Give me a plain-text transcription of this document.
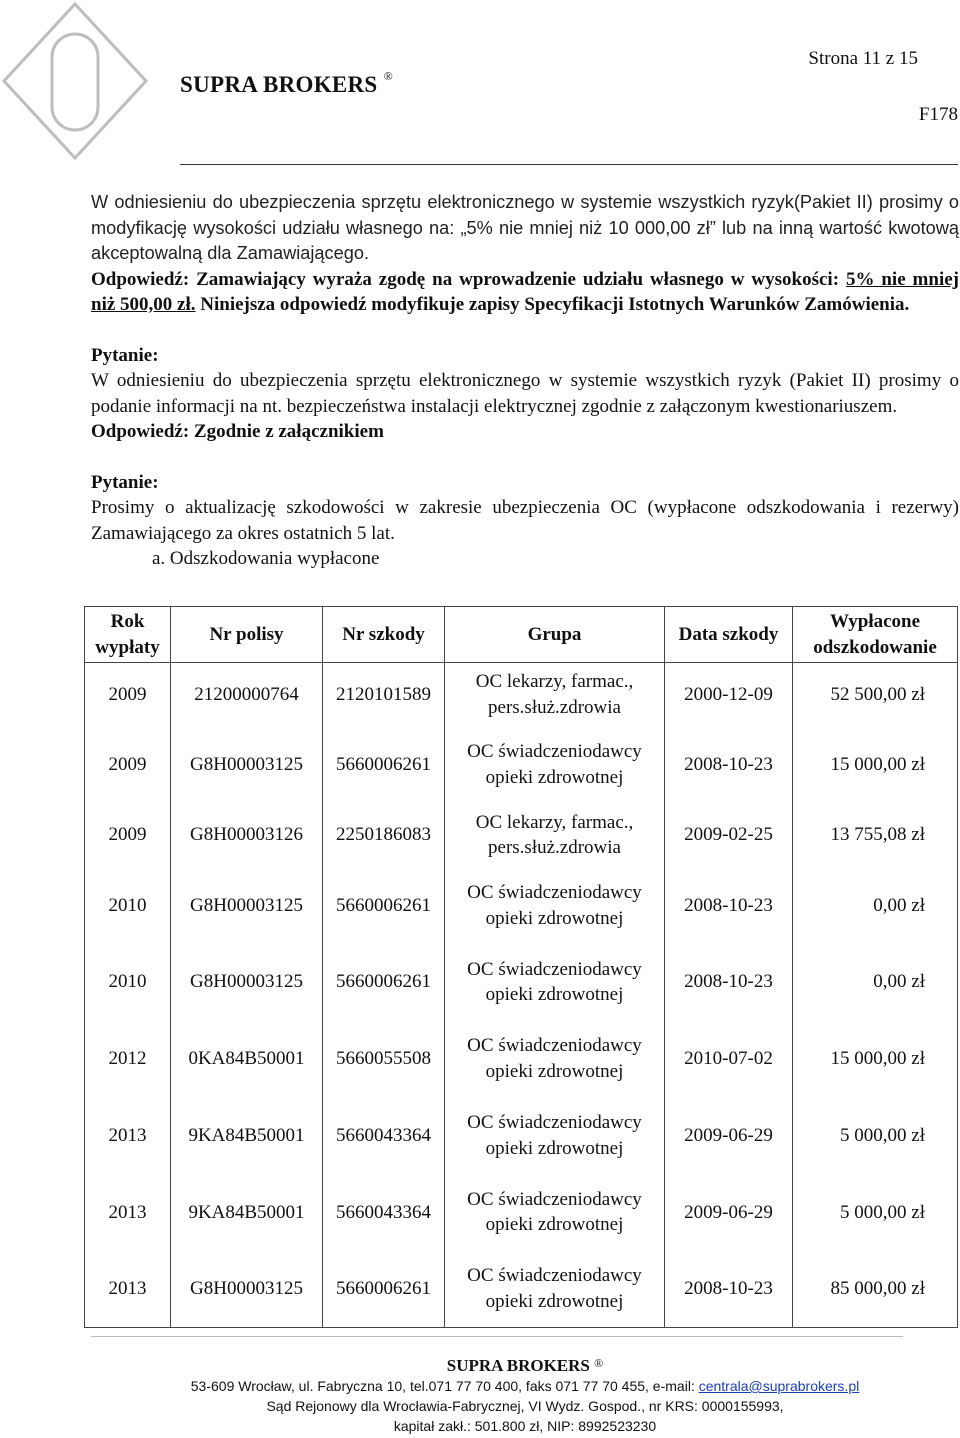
Strona 11 z 15
SUPRA BROKERS ®
F178

W odniesieniu do ubezpieczenia sprzętu elektronicznego w systemie wszystkich ryzyk(Pakiet II) prosimy o modyfikację wysokości udziału własnego na: „5% nie mniej niż 10 000,00 zł” lub na inną wartość kwotową akceptowalną dla Zamawiającego.

Odpowiedź: Zamawiający wyraża zgodę na wprowadzenie udziału własnego w wysokości: 5% nie mniej niż 500,00 zł. Niniejsza odpowiedź modyfikuje zapisy Specyfikacji Istotnych Warunków Zamówienia.

Pytanie:

W odniesieniu do ubezpieczenia sprzętu elektronicznego w systemie wszystkich ryzyk (Pakiet II) prosimy o podanie informacji na nt. bezpieczeństwa instalacji elektrycznej zgodnie z załączonym kwestionariuszem.

Odpowiedź: Zgodnie z załącznikiem

Pytanie:

Prosimy o aktualizację szkodowości w zakresie ubezpieczenia OC (wypłacone odszkodowania i rezerwy) Zamawiającego za okres ostatnich 5 lat.

a. Odszkodowania wypłacone

Rok wypłaty	Nr polisy	Nr szkody	Grupa	Data szkody	Wypłacone odszkodowanie
2009	21200000764	2120101589	OC lekarzy, farmac., pers.służ.zdrowia	2000-12-09	52 500,00 zł
2009	G8H00003125	5660006261	OC świadczeniodawcy opieki zdrowotnej	2008-10-23	15 000,00 zł
2009	G8H00003126	2250186083	OC lekarzy, farmac., pers.służ.zdrowia	2009-02-25	13 755,08 zł
2010	G8H00003125	5660006261	OC świadczeniodawcy opieki zdrowotnej	2008-10-23	0,00 zł
2010	G8H00003125	5660006261	OC świadczeniodawcy opieki zdrowotnej	2008-10-23	0,00 zł
2012	0KA84B50001	5660055508	OC świadczeniodawcy opieki zdrowotnej	2010-07-02	15 000,00 zł
2013	9KA84B50001	5660043364	OC świadczeniodawcy opieki zdrowotnej	2009-06-29	5 000,00 zł
2013	9KA84B50001	5660043364	OC świadczeniodawcy opieki zdrowotnej	2009-06-29	5 000,00 zł
2013	G8H00003125	5660006261	OC świadczeniodawcy opieki zdrowotnej	2008-10-23	85 000,00 zł
SUPRA BROKERS ®
53-609 Wrocław, ul. Fabryczna 10, tel.071 77 70 400, faks 071 77 70 455, e-mail: centrala@suprabrokers.pl
Sąd Rejonowy dla Wrocławia-Fabrycznej, VI Wydz. Gospod., nr KRS: 0000155993,
kapitał zakł.: 501.800 zł, NIP: 8992523230
